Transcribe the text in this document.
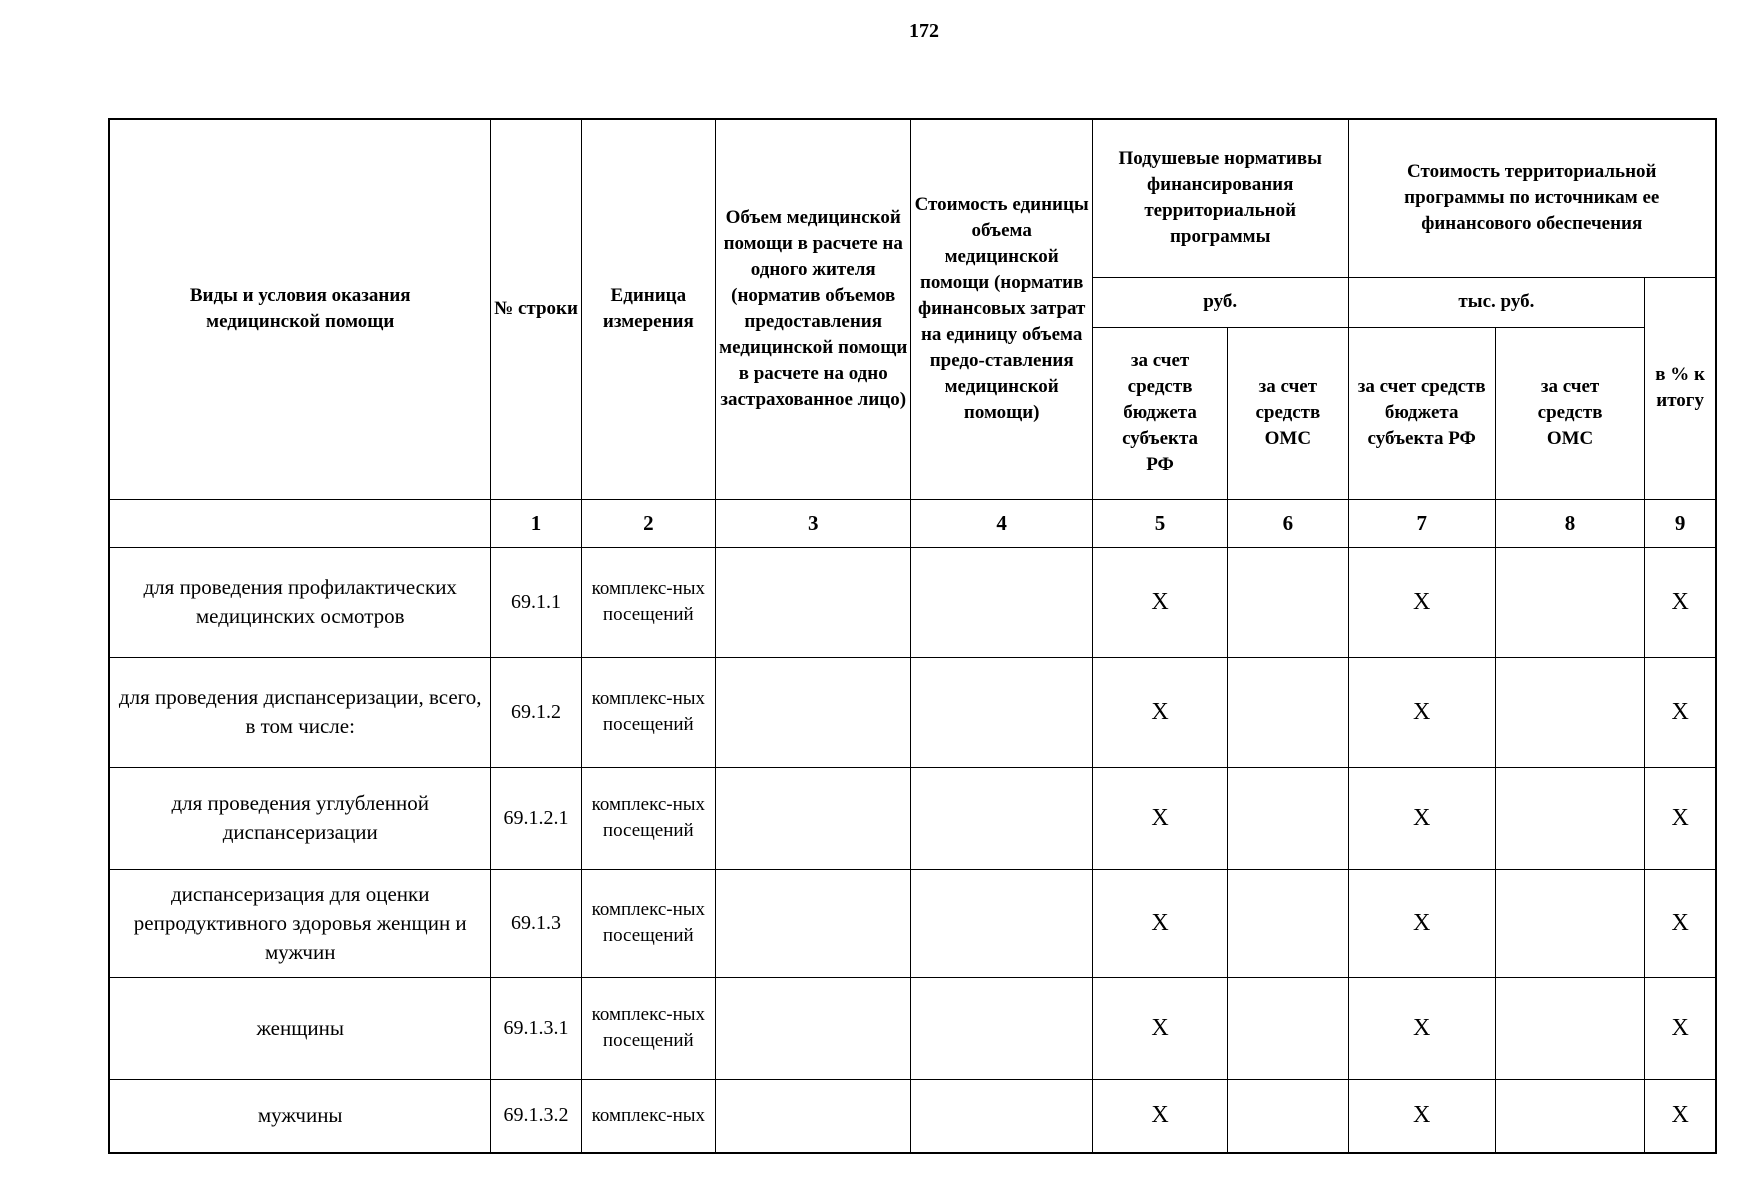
172
Виды и условия оказания медицинской помощи	№ строки	Единица измерения	Объем медицинской помощи в расчете на одного жителя (норматив объемов предоставления медицинской помощи в расчете на одно застрахованное лицо)	Стоимость единицы объема медицинской помощи (норматив финансовых затрат на единицу объема предо-ставления медицинской помощи)	Подушевые нормативы финансирования территориальной программы		Стоимость территориальной программы по источникам ее финансового обеспечения		
					руб.		тыс. руб.		в % к итогу
					за счет средств бюджета субъекта РФ	за счет средств ОМС	за счет средств бюджета субъекта РФ	за счет средств ОМС	
	1	2	3	4	5	6	7	8	9
для проведения профилактических медицинских осмотров	69.1.1	комплекс-ных посещений			X		X		X
для проведения диспансеризации, всего, в том числе:	69.1.2	комплекс-ных посещений			X		X		X
для проведения углубленной диспансеризации	69.1.2.1	комплекс-ных посещений			X		X		X
диспансеризация для оценки репродуктивного здоровья женщин и мужчин	69.1.3	комплекс-ных посещений			X		X		X
женщины	69.1.3.1	комплекс-ных посещений			X		X		X
мужчины	69.1.3.2	комплекс-ных			X		X		X
